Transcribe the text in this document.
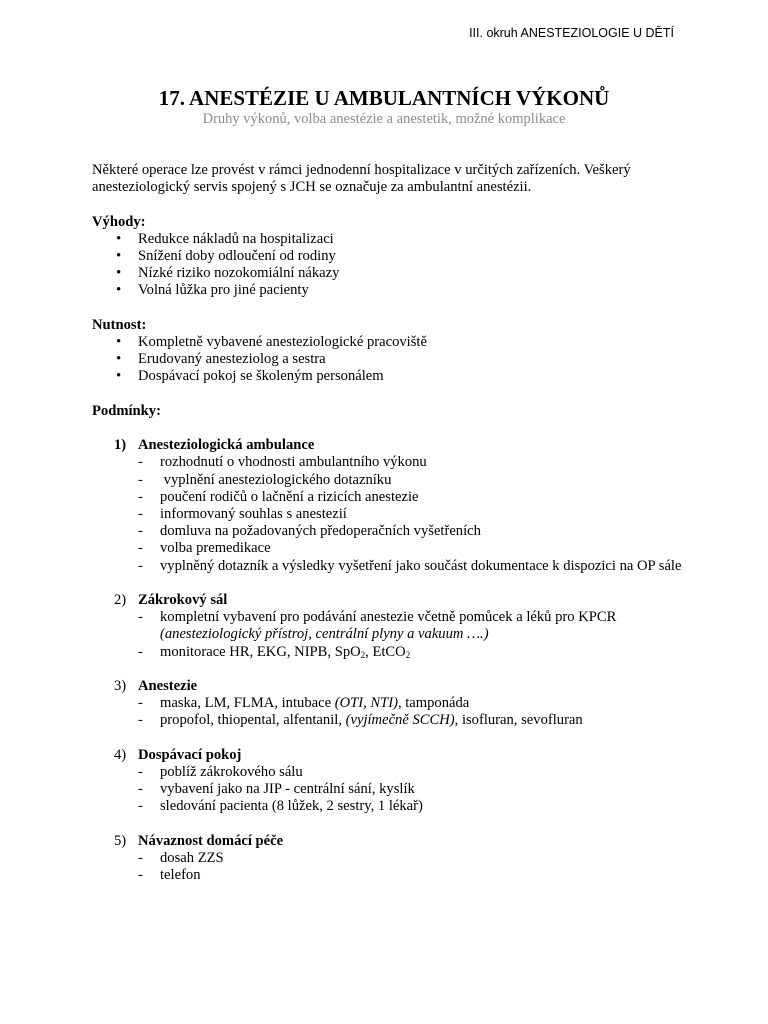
III. okruh ANESTEZIOLOGIE U DĚTÍ
17. ANESTÉZIE U AMBULANTNÍCH VÝKONŮ
Druhy výkonů, volba anestézie a anestetik, možné komplikace

Některé operace lze provést v rámci jednodenní hospitalizace v určitých zařízeních. Veškerý anesteziologický servis spojený s JCH se označuje za ambulantní anestézii.

Výhody:

• Redukce nákladů na hospitalizaci
• Snížení doby odloučení od rodiny
• Nízké riziko nozokomiální nákazy
• Volná lůžka pro jiné pacienty

Nutnost:

• Kompletně vybavené anesteziologické pracoviště
• Erudovaný anesteziolog a sestra
• Dospávací pokoj se školeným personálem

Podmínky:

1) Anesteziologická ambulance
- rozhodnutí o vhodnosti ambulantního výkonu
-  vyplnění anesteziologického dotazníku
- poučení rodičů o lačnění a rizicích anestezie
- informovaný souhlas s anestezií
- domluva na požadovaných předoperačních vyšetřeních
- volba premedikace
- vyplněný dotazník a výsledky vyšetření jako součást dokumentace k dispozici na OP sále
2) Zákrokový sál
- kompletní vybavení pro podávání anestezie včetně pomůcek a léků pro KPCR
(anesteziologický přístroj, centrální plyny a vakuum ….)
- monitorace HR, EKG, NIPB, SpO$_2$, EtCO$_2$
3) Anestezie
- maska, LM, FLMA, intubace (OTI, NTI), tamponáda
- propofol, thiopental, alfentanil, (vyjímečně SCCH), isofluran, sevofluran
4) Dospávací pokoj
- poblíž zákrokového sálu
- vybavení jako na JIP - centrální sání, kyslík
- sledování pacienta (8 lůžek, 2 sestry, 1 lékař)
5) Návaznost domácí péče
- dosah ZZS
- telefon
